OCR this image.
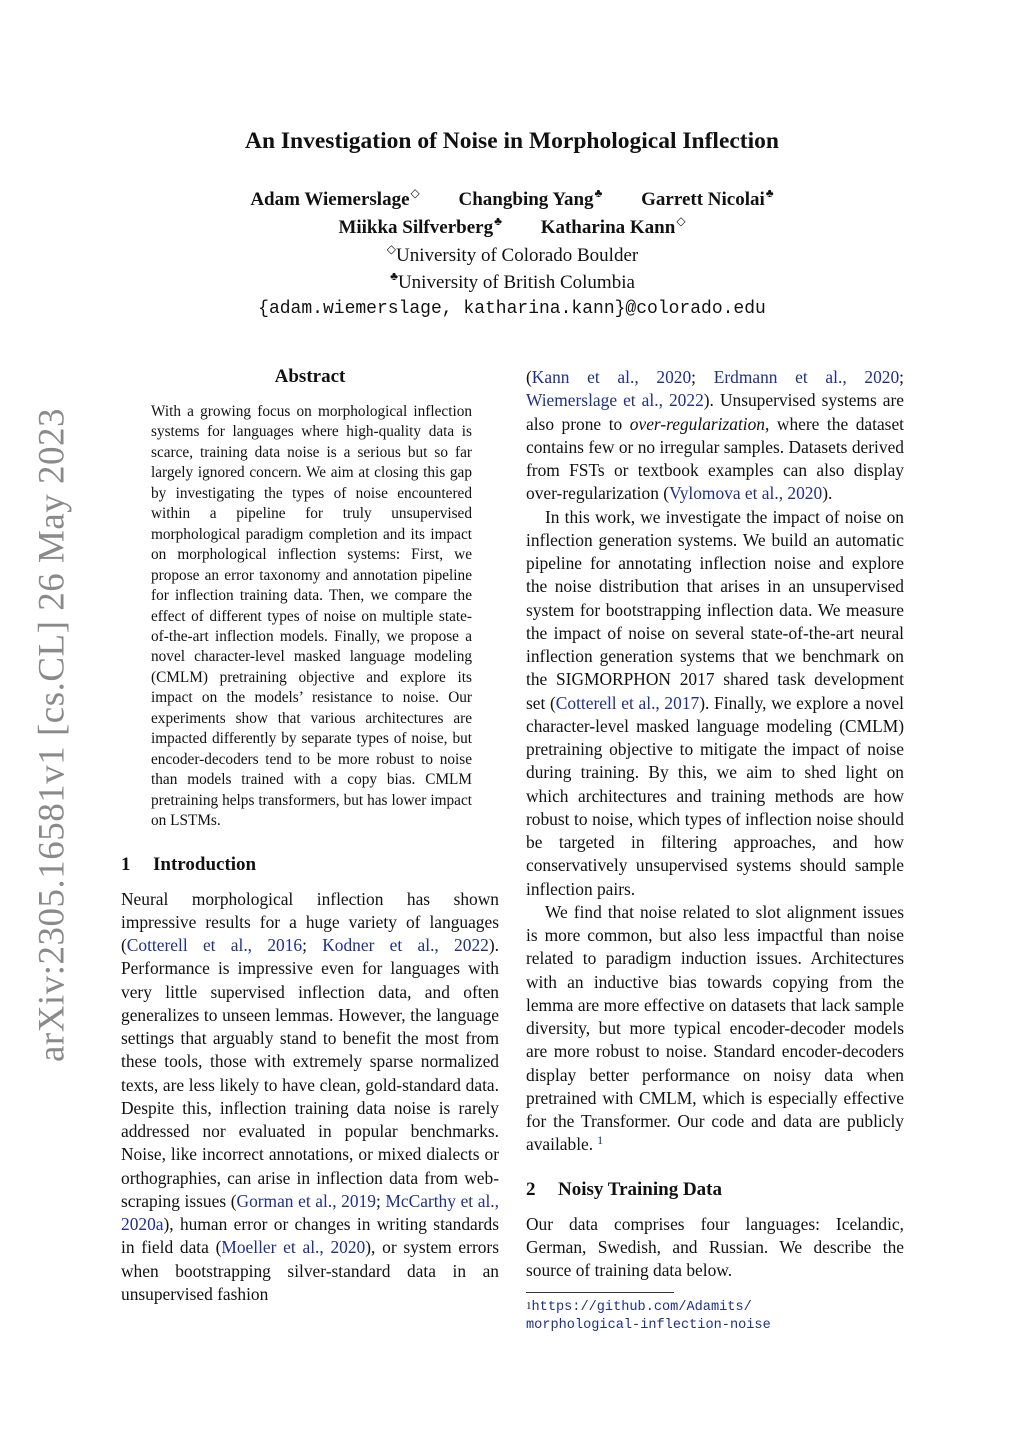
arXiv:2305.16581v1 [cs.CL] 26 May 2023
An Investigation of Noise in Morphological Inflection
Adam Wiemerslage◇ Changbing Yang♣ Garrett Nicolai♣
Miikka Silfverberg♣ Katharina Kann◇
◇University of Colorado Boulder
♣University of British Columbia
{adam.wiemerslage, katharina.kann}@colorado.edu
Abstract

With a growing focus on morphological inflection systems for languages where high-quality data is scarce, training data noise is a serious but so far largely ignored concern. We aim at closing this gap by investigating the types of noise encountered within a pipeline for truly unsupervised morphological paradigm completion and its impact on morphological inflection systems: First, we propose an error taxonomy and annotation pipeline for inflection training data. Then, we compare the effect of different types of noise on multiple state-of-the-art inflection models. Finally, we propose a novel character-level masked language modeling (CMLM) pretraining objective and explore its impact on the models’ resistance to noise. Our experiments show that various architectures are impacted differently by separate types of noise, but encoder-decoders tend to be more robust to noise than models trained with a copy bias. CMLM pretraining helps transformers, but has lower impact on LSTMs.

1 Introduction

Neural morphological inflection has shown impressive results for a huge variety of languages (Cotterell et al., 2016; Kodner et al., 2022). Performance is impressive even for languages with very little supervised inflection data, and often generalizes to unseen lemmas. However, the language settings that arguably stand to benefit the most from these tools, those with extremely sparse normalized texts, are less likely to have clean, gold-standard data. Despite this, inflection training data noise is rarely addressed nor evaluated in popular benchmarks. Noise, like incorrect annotations, or mixed dialects or orthographies, can arise in inflection data from web-scraping issues (Gorman et al., 2019; McCarthy et al., 2020a), human error or changes in writing standards in field data (Moeller et al., 2020), or system errors when bootstrapping silver-standard data in an unsupervised fashion

(Kann et al., 2020; Erdmann et al., 2020; Wiemerslage et al., 2022). Unsupervised systems are also prone to over-regularization, where the dataset contains few or no irregular samples. Datasets derived from FSTs or textbook examples can also display over-regularization (Vylomova et al., 2020).

In this work, we investigate the impact of noise on inflection generation systems. We build an automatic pipeline for annotating inflection noise and explore the noise distribution that arises in an unsupervised system for bootstrapping inflection data. We measure the impact of noise on several state-of-the-art neural inflection generation systems that we benchmark on the SIGMORPHON 2017 shared task development set (Cotterell et al., 2017). Finally, we explore a novel character-level masked language modeling (CMLM) pretraining objective to mitigate the impact of noise during training. By this, we aim to shed light on which architectures and training methods are how robust to noise, which types of inflection noise should be targeted in filtering approaches, and how conservatively unsupervised systems should sample inflection pairs.

We find that noise related to slot alignment issues is more common, but also less impactful than noise related to paradigm induction issues. Architectures with an inductive bias towards copying from the lemma are more effective on datasets that lack sample diversity, but more typical encoder-decoder models are more robust to noise. Standard encoder-decoders display better performance on noisy data when pretrained with CMLM, which is especially effective for the Transformer. Our code and data are publicly available. $^1$

2 Noisy Training Data

Our data comprises four languages: Icelandic, German, Swedish, and Russian. We describe the source of training data below.

$^1$https://github.com/Adamits/
morphological-inflection-noise
